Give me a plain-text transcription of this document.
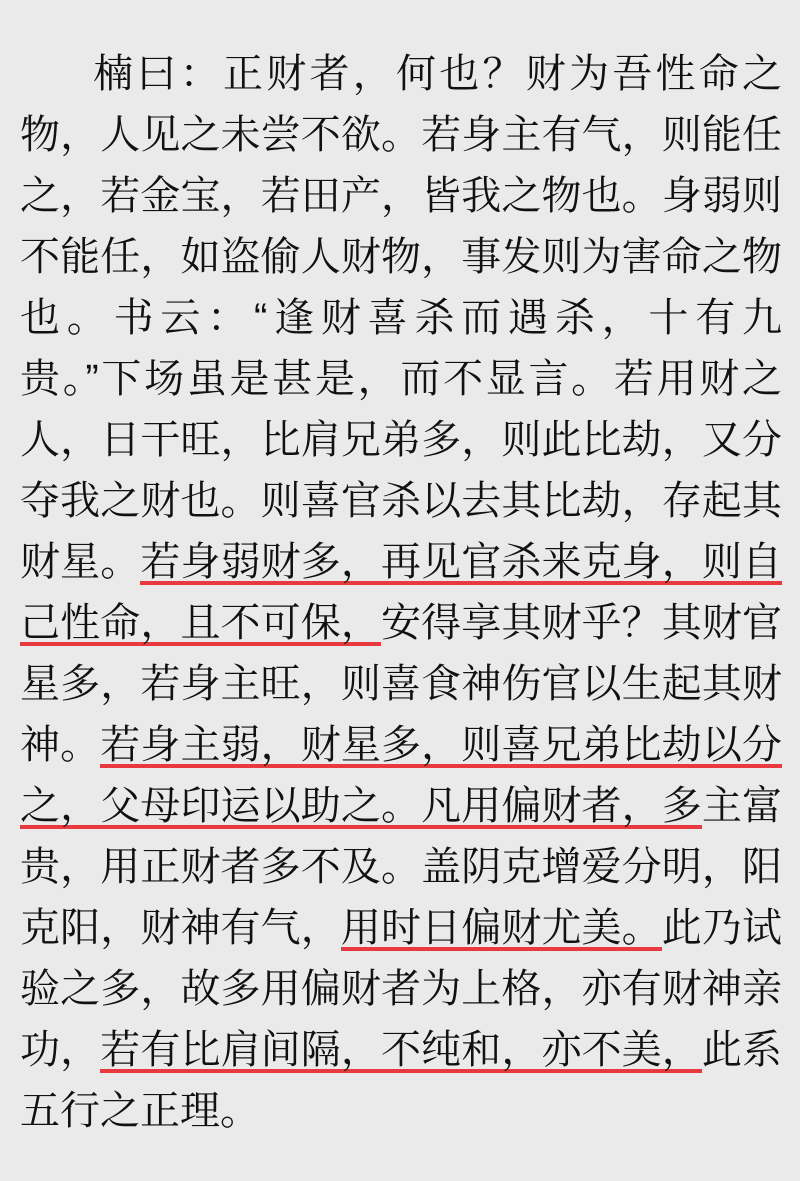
楠曰：正财者，何也？财为吾性命之物，人见之未尝不欲。若身主有气，则能任之，若金宝，若田产，皆我之物也。身弱则不能任，如盗偷人财物，事发则为害命之物也。书云：“逢财喜杀而遇杀，十有九贵。”下场虽是甚是，而不显言。若用财之人，日干旺，比肩兄弟多，则此比劫，又分夺我之财也。则喜官杀以去其比劫，存起其财星。若身弱财多，再见官杀来克身，则自己性命，且不可保，安得享其财乎？其财官星多，若身主旺，则喜食神伤官以生起其财神。若身主弱，财星多，则喜兄弟比劫以分之，父母印运以助之。凡用偏财者，多主富贵，用正财者多不及。盖阴克增爱分明，阳克阳，财神有气，用时日偏财尤美。此乃试验之多，故多用偏财者为上格，亦有财神亲功，若有比肩间隔，不纯和，亦不美，此系五行之正理。
